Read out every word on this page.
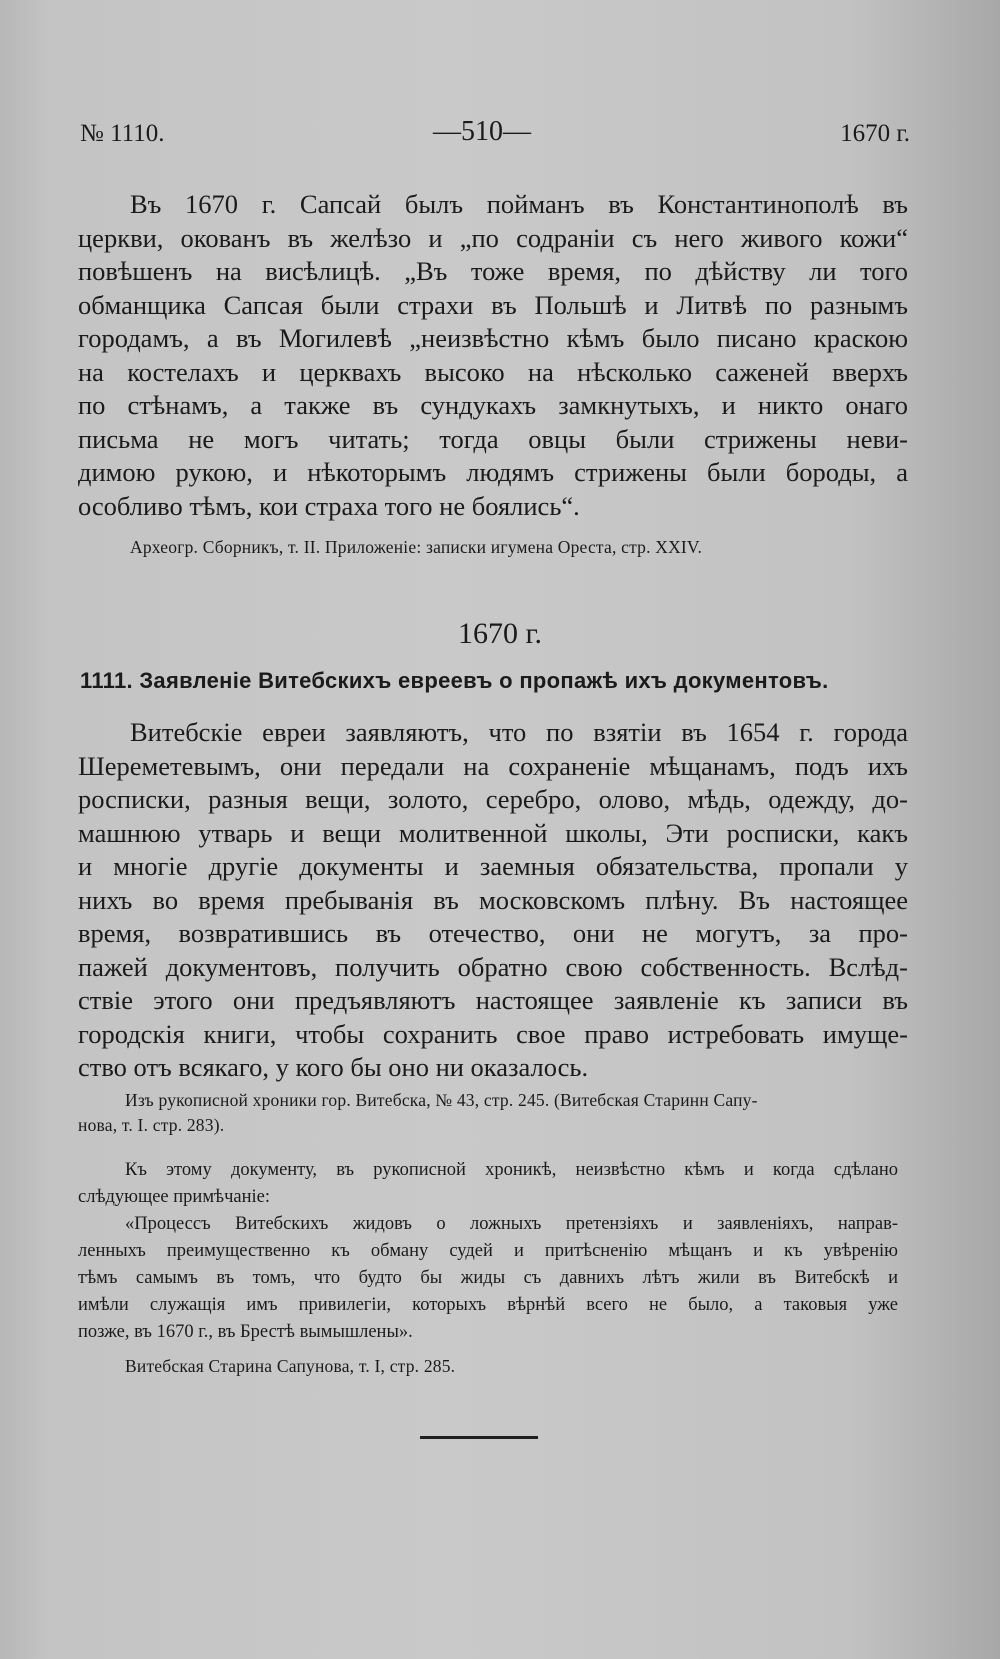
№ 1110.	—510—	1670 г.
Въ 1670 г. Сапсай былъ пойманъ въ Константинополѣ въ
церкви, окованъ въ желѣзо и „по содраніи съ него живого кожи“
повѣшенъ на висѣлицѣ. „Въ тоже время, по дѣйству ли того
обманщика Сапсая были страхи въ Польшѣ и Литвѣ по разнымъ
городамъ, а въ Могилевѣ „неизвѣстно кѣмъ было писано краскою
на костелахъ и церквахъ высоко на нѣсколько саженей вверхъ
по стѣнамъ, а также въ сундукахъ замкнутыхъ, и никто онаго
письма не могъ читать; тогда овцы были стрижены неви-
димою рукою, и нѣкоторымъ людямъ стрижены были бороды, а
особливо тѣмъ, кои страха того не боялись“.
Археогр. Сборникъ, т. II. Приложеніе: записки игумена Ореста, стр. XXIV.
1670 г.
1111. Заявленіе Витебскихъ евреевъ о пропажѣ ихъ документовъ.
Витебскіе евреи заявляютъ, что по взятіи въ 1654 г. города
Шереметевымъ, они передали на сохраненіе мѣщанамъ, подъ ихъ
росписки, разныя вещи, золото, серебро, олово, мѣдь, одежду, до-
машнюю утварь и вещи молитвенной школы, Эти росписки, какъ
и многіе другіе документы и заемныя обязательства, пропали у
нихъ во время пребыванія въ московскомъ плѣну. Въ настоящее
время, возвратившись въ отечество, они не могутъ, за про-
пажей документовъ, получить обратно свою собственность. Вслѣд-
ствіе этого они предъявляютъ настоящее заявленіе къ записи въ
городскія книги, чтобы сохранить свое право истребовать имуще-
ство отъ всякаго, у кого бы оно ни оказалось.
Изъ рукописной хроники гор. Витебска, № 43, стр. 245. (Витебская Старинн Сапу-
нова, т. I. стр. 283).
Къ этому документу, въ рукописной хроникѣ, неизвѣстно кѣмъ и когда сдѣлано
слѣдующее примѣчаніе:
«Процессъ Витебскихъ жидовъ о ложныхъ претензіяхъ и заявленіяхъ, направ-
ленныхъ преимущественно къ обману судей и притѣсненію мѣщанъ и къ увѣренію
тѣмъ самымъ въ томъ, что будто бы жиды съ давнихъ лѣтъ жили въ Витебскѣ и
имѣли служащія имъ привилегіи, которыхъ вѣрнѣй всего не было, а таковыя уже
позже, въ 1670 г., въ Брестѣ вымышлены».
Витебская Старина Сапунова, т. I, стр. 285.
